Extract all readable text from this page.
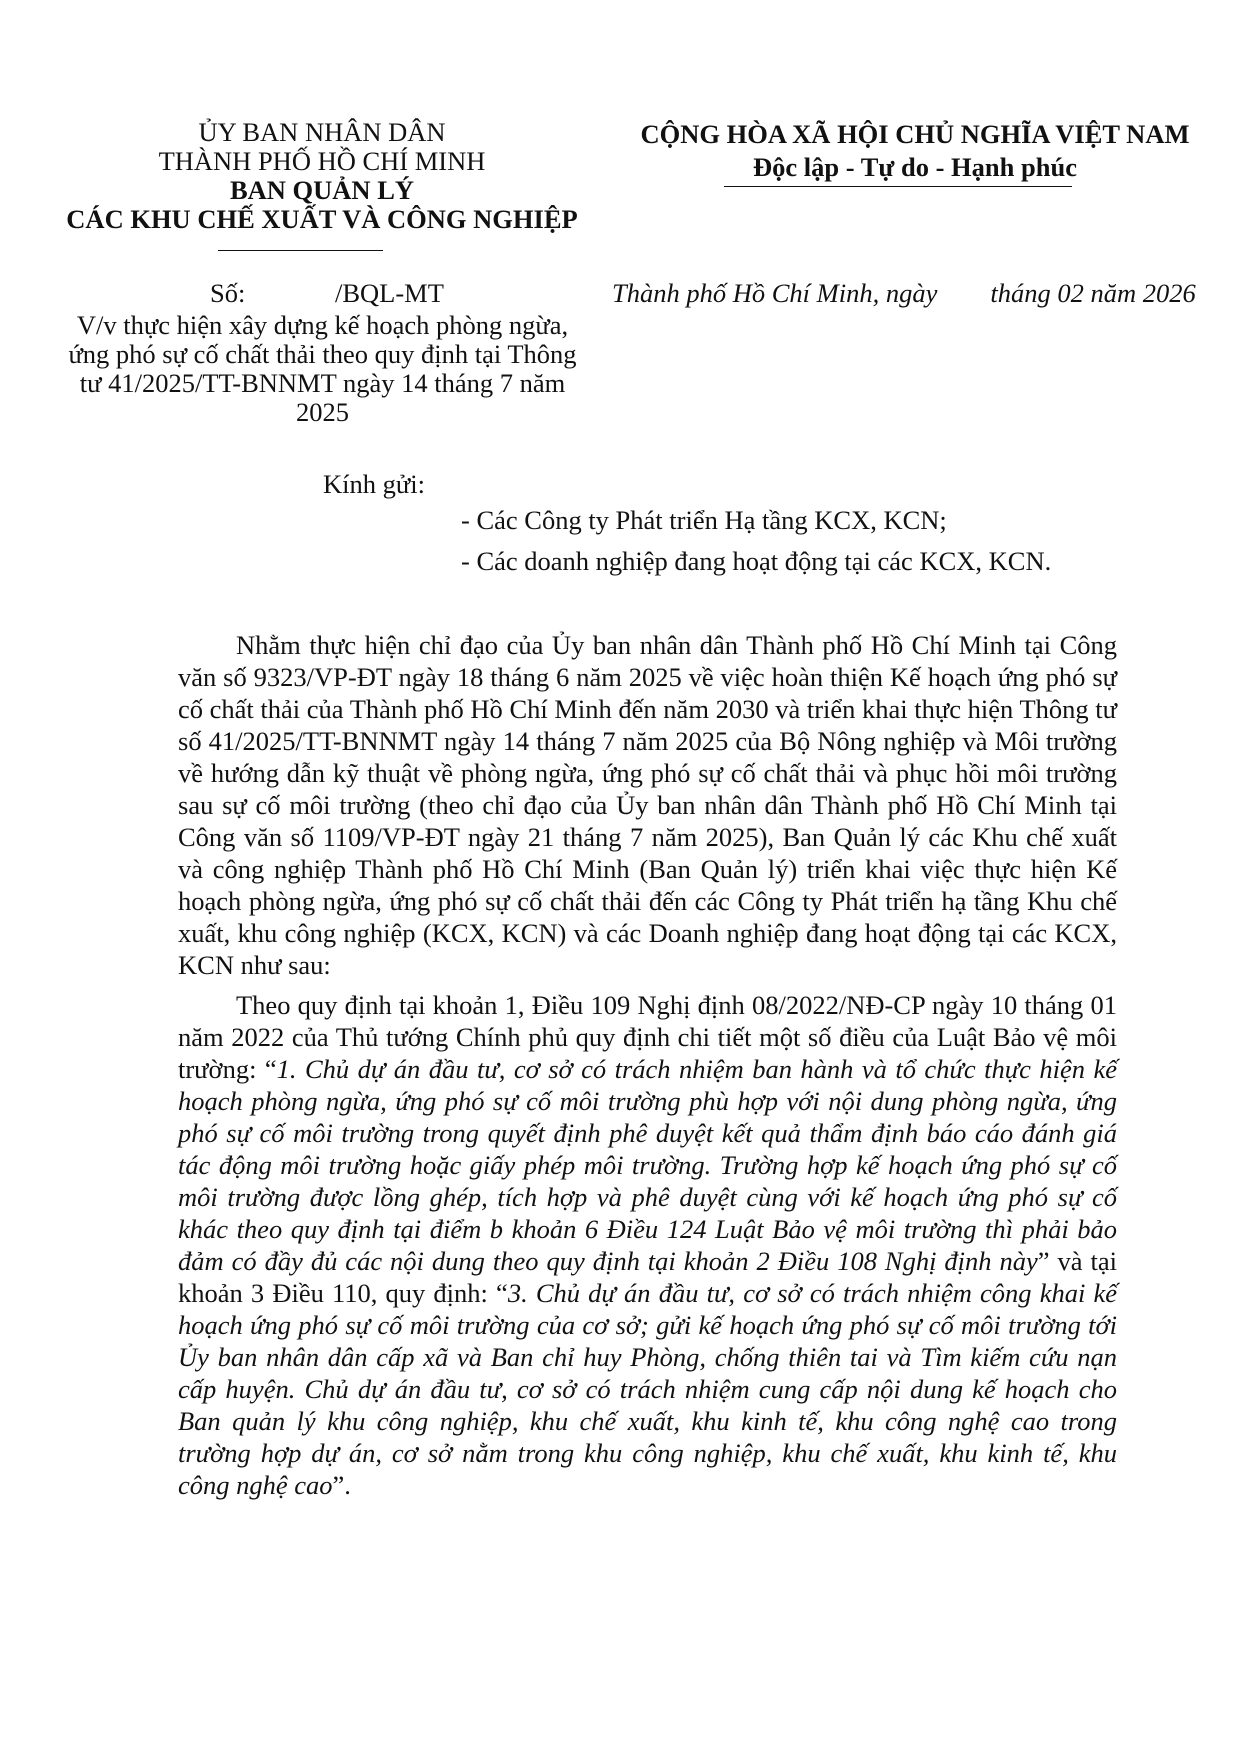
ỦY BAN NHÂN DÂN
THÀNH PHỐ HỒ CHÍ MINH
BAN QUẢN LÝ
CÁC KHU CHẾ XUẤT VÀ CÔNG NGHIỆP
CỘNG HÒA XÃ HỘI CHỦ NGHĨA VIỆT NAM
Độc lập - Tự do - Hạnh phúc
Số:	/BQL-MT	Thành phố Hồ Chí Minh, ngày        tháng 02 năm 2026
V/v thực hiện xây dựng kế hoạch phòng ngừa,
ứng phó sự cố chất thải theo quy định tại Thông
tư 41/2025/TT-BNNMT ngày 14 tháng 7 năm
2025
Kính gửi:
- Các Công ty Phát triển Hạ tầng KCX, KCN;
- Các doanh nghiệp đang hoạt động tại các KCX, KCN.

Nhằm thực hiện chỉ đạo của Ủy ban nhân dân Thành phố Hồ Chí Minh tại Công văn số 9323/VP-ĐT ngày 18 tháng 6 năm 2025 về việc hoàn thiện Kế hoạch ứng phó sự cố chất thải của Thành phố Hồ Chí Minh đến năm 2030 và triển khai thực hiện Thông tư số 41/2025/TT-BNNMT ngày 14 tháng 7 năm 2025 của Bộ Nông nghiệp và Môi trường về hướng dẫn kỹ thuật về phòng ngừa, ứng phó sự cố chất thải và phục hồi môi trường sau sự cố môi trường (theo chỉ đạo của Ủy ban nhân dân Thành phố Hồ Chí Minh tại Công văn số 1109/VP-ĐT ngày 21 tháng 7 năm 2025), Ban Quản lý các Khu chế xuất và công nghiệp Thành phố Hồ Chí Minh (Ban Quản lý) triển khai việc thực hiện Kế hoạch phòng ngừa, ứng phó sự cố chất thải đến các Công ty Phát triển hạ tầng Khu chế xuất, khu công nghiệp (KCX, KCN) và các Doanh nghiệp đang hoạt động tại các KCX, KCN như sau:

Theo quy định tại khoản 1, Điều 109 Nghị định 08/2022/NĐ-CP ngày 10 tháng 01 năm 2022 của Thủ tướng Chính phủ quy định chi tiết một số điều của Luật Bảo vệ môi trường: “1. Chủ dự án đầu tư, cơ sở có trách nhiệm ban hành và tổ chức thực hiện kế hoạch phòng ngừa, ứng phó sự cố môi trường phù hợp với nội dung phòng ngừa, ứng phó sự cố môi trường trong quyết định phê duyệt kết quả thẩm định báo cáo đánh giá tác động môi trường hoặc giấy phép môi trường. Trường hợp kế hoạch ứng phó sự cố môi trường được lồng ghép, tích hợp và phê duyệt cùng với kế hoạch ứng phó sự cố khác theo quy định tại điểm b khoản 6 Điều 124 Luật Bảo vệ môi trường thì phải bảo đảm có đầy đủ các nội dung theo quy định tại khoản 2 Điều 108 Nghị định này” và tại khoản 3 Điều 110, quy định: “3. Chủ dự án đầu tư, cơ sở có trách nhiệm công khai kế hoạch ứng phó sự cố môi trường của cơ sở; gửi kế hoạch ứng phó sự cố môi trường tới Ủy ban nhân dân cấp xã và Ban chỉ huy Phòng, chống thiên tai và Tìm kiếm cứu nạn cấp huyện. Chủ dự án đầu tư, cơ sở có trách nhiệm cung cấp nội dung kế hoạch cho Ban quản lý khu công nghiệp, khu chế xuất, khu kinh tế, khu công nghệ cao trong trường hợp dự án, cơ sở nằm trong khu công nghiệp, khu chế xuất, khu kinh tế, khu công nghệ cao”.
